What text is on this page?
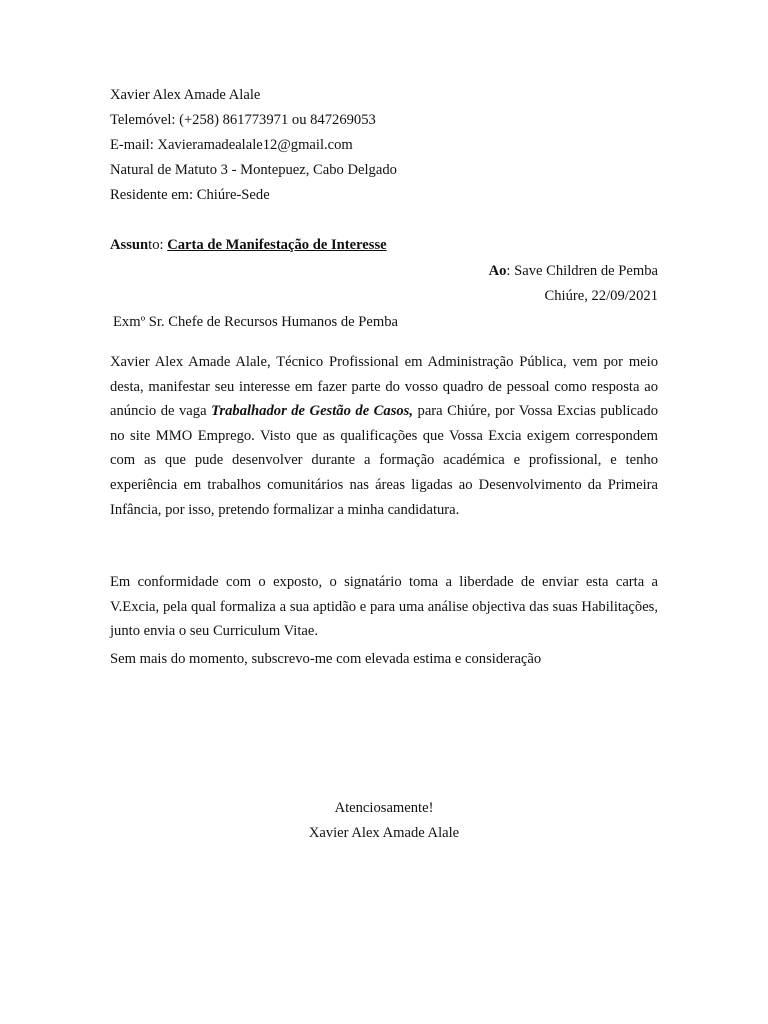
Xavier Alex Amade Alale
Telemóvel: (+258) 861773971 ou 847269053
E-mail: Xavieramadealale12@gmail.com
Natural de Matuto 3 - Montepuez, Cabo Delgado
Residente em: Chiúre-Sede
Assunto: Carta de Manifestação de Interesse
Ao: Save Children de Pemba
Chiúre, 22/09/2021
Exmº Sr. Chefe de Recursos Humanos de Pemba
Xavier Alex Amade Alale, Técnico Profissional em Administração Pública, vem por meio desta, manifestar seu interesse em fazer parte do vosso quadro de pessoal como resposta ao anúncio de vaga Trabalhador de Gestão de Casos, para Chiúre, por Vossa Excias publicado no site MMO Emprego. Visto que as qualificações que Vossa Excia exigem correspondem com as que pude desenvolver durante a formação académica e profissional, e tenho experiência em trabalhos comunitários nas áreas ligadas ao Desenvolvimento da Primeira Infância, por isso, pretendo formalizar a minha candidatura.
Em conformidade com o exposto, o signatário toma a liberdade de enviar esta carta a V.Excia, pela qual formaliza a sua aptidão e para uma análise objectiva das suas Habilitações, junto envia o seu Curriculum Vitae.
Sem mais do momento, subscrevo-me com elevada estima e consideração
Atenciosamente!
Xavier Alex Amade Alale
